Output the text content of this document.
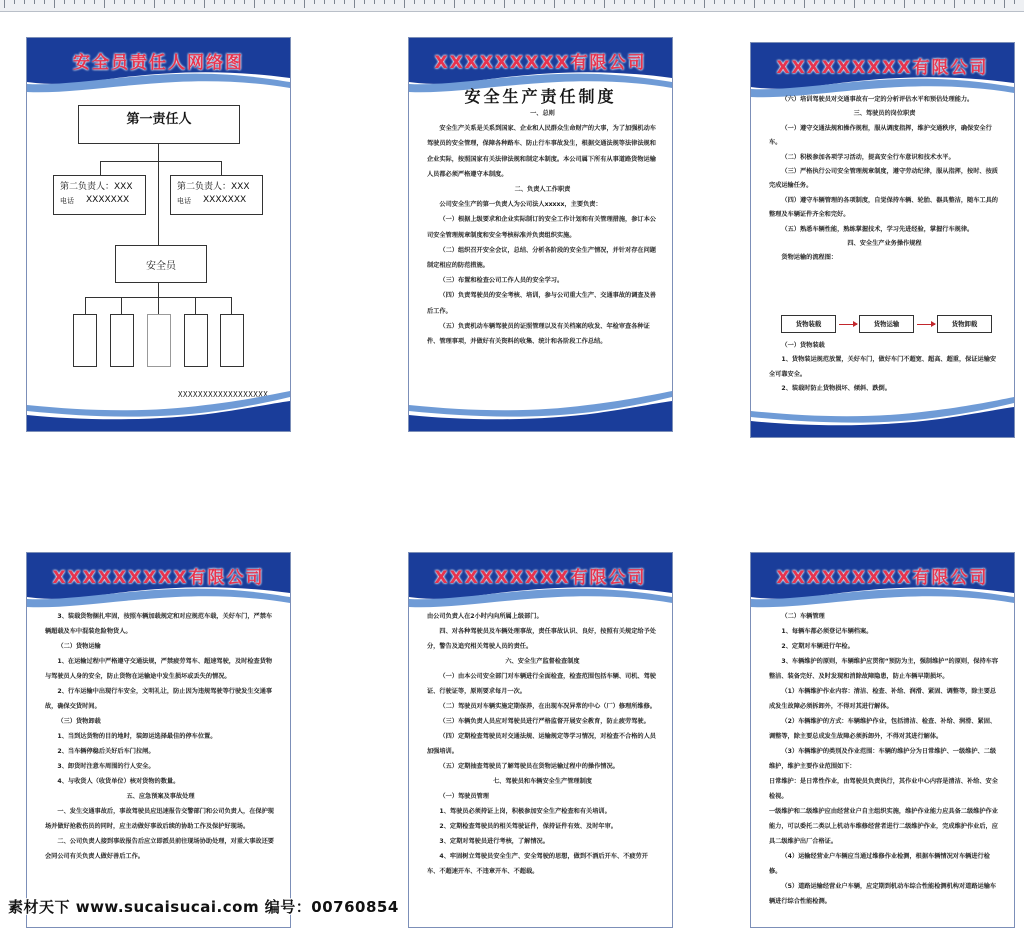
安全员责任人网络图
第一责任人
第二负责人：XXX
电话 XXXXXXX
第二负责人：XXX
电话 XXXXXXX
安全员
XXXXXXXXXXXXXXXXXX
XXXXXXXXX有限公司
安全生产责任制度

一、总则

安全生产关系是关系到国家、企业和人民群众生命财产的大事，为了加强机动车驾驶员的安全管理，保障各种路车、防止行车事故发生，根据交通法规等法律法规和企业实际，按照国家有关法律法规和制定本制度。本公司属下所有从事道路货物运输人员都必须严格遵守本制度。

二、负责人工作职责

公司安全生产的第一负责人为公司法人xxxxx，主要负责：

（一）根据上级要求和企业实际制订的安全工作计划和有关管理措施，参订本公司安全管理规章制度和安全考核标准并负责组织实施。

（二）组织召开安全会议，总结、分析各阶段的安全生产情况，并针对存在问题制定相应的防范措施。

（三）布置和检查公司工作人员的安全学习。

（四）负责驾驶员的安全考核、培训，参与公司重大生产、交通事故的调查及善后工作。

（五）负责机动车辆驾驶员的证照管理以及有关档案的收发、年检审查各种证件、管理事项，并做好有关资料的收集、统计和各阶段工作总结。

XXXXXXXXX有限公司

（六）培训驾驶员对交通事故有一定的分析评估水平和预估处理能力。

三、驾驶员的岗位职责

（一）遵守交通法规和操作规程，服从调度指挥，维护交通秩序，确保安全行车。

（二）积极参加各项学习活动，提高安全行车意识和技术水平。

（三）严格执行公司安全管理规章制度，遵守劳动纪律，服从指挥，按时、按质完成运输任务。

（四）遵守车辆管理的各项制度，自觉保持车辆、轮胎、器具整洁，随车工具的整理及车辆证件齐全和完好。

（五）熟悉车辆性能，熟练掌握技术，学习先进经验，掌握行车规律。

四、安全生产业务操作规程

货物运输的流程图：

货物装载	货物运输	货物卸载

（一）货物装载

1、货物装运规范放置，关好车门，做好车门不超宽、超高、超重，保证运输安全可靠安全。

2、装载时防止货物损坏、倾斜、跌倒。

XXXXXXXXX有限公司

3、装载货物捆扎牢固，按照车辆加载规定和对应规范车载，关好车门，严禁车辆超载及车中混装危险物货人。

（二）货物运输

1、在运输过程中严格遵守交通法规，严禁疲劳驾车、超速驾驶，及时检查货物与驾驶员人身的安全，防止货物在运输途中发生损坏或丢失的情况。

2、行车运输中出现行车安全，文明礼让，防止因为违规驾驶等行驶发生交通事故，确保交货时间。

（三）货物卸载

1、当到达货物的目的地时，装卸运选择最佳的停车位置。

2、当车辆停稳后关好后车门拉闸。

3、卸货时注意车周围的行人安全。

4、与收货人（收货单位）核对货物的数量。

五、应急预案及事故处理

一、发生交通事故后，事故驾驶员应迅速报告交警部门和公司负责人，在保护现场并做好抢救伤员的同时，应主动做好事故后续的协助工作及保护好现场。

二、公司负责人接到事故报告后应立即派员前往现场协助处理，对重大事故还要会同公司有关负责人做好善后工作。

XXXXXXXXX有限公司

由公司负责人在2小时内向所属上级部门。

四、对各种驾驶员及车辆处理事故，责任事故认识、良好，按照有关规定给予处分，警告及追究相关驾驶人员的责任。

六、安全生产监督检查制度

（一）由本公司安全部门对车辆进行全面检查，检查范围包括车辆、司机、驾驶证、行驶证等，原则要求每月一次。

（二）驾驶员对车辆实施定期保养，在出现车况异常的中心（厂）修理所维修。

（三）车辆负责人员应对驾驶员进行严格监督开展安全教育，防止疲劳驾驶。

（四）定期检查驾驶员对交通法规、运输规定等学习情况，对检查不合格的人员加强培训。

（五）定期抽查驾驶员了解驾驶员在货物运输过程中的操作情况。

七、驾驶员和车辆安全生产管理制度

（一）驾驶员管理

1、驾驶员必须持证上岗，积极参加安全生产检查和有关培训。

2、定期检查驾驶员的相关驾驶证件，保持证件有效、及时年审。

3、定期对驾驶员进行考核，了解情况。

4、牢固树立驾驶员安全生产、安全驾驶的思想，做到不酒后开车、不疲劳开车、不超速开车、不违章开车、不超载。

XXXXXXXXX有限公司

（二）车辆管理

1、每辆车都必须登记车辆档案。

2、定期对车辆进行年检。

3、车辆维护的原则，车辆维护应贯彻“预防为主，强制维护”的原则，保持车容整洁、装备完好、及时发现和消除故障隐患，防止车辆早期损坏。

（1）车辆维护作业内容：清洁、检查、补给、润滑、紧固、调整等，除主要总成发生故障必须拆卸外，不得对其进行解体。

（2）车辆维护的方式：车辆维护作业，包括清洁、检查、补给、润滑、紧固、调整等，除主要总成发生故障必须拆卸外，不得对其进行解体。

（3）车辆维护的类别及作业范围：车辆的维护分为日常维护、一级维护、二级维护，维护主要作业范围如下：

日常维护：是日常性作业，由驾驶员负责执行，其作业中心内容是清洁、补给、安全检视。

一级维护和二级维护应由经营业户自主组织实施，维护作业能力应具备二级维护作业能力，可以委托二类以上机动车维修经营者进行二级维护作业，完成维护作业后，应具二级维护出厂合格证。

（4）运输经营业户车辆应当通过维修作业检测，根据车辆情况对车辆进行检修。

（5）道路运输经营业户车辆，应定期到机动车综合性能检测机构对道路运输车辆进行综合性能检测。

素材天下 www.sucaisucai.com 编号：00760854
